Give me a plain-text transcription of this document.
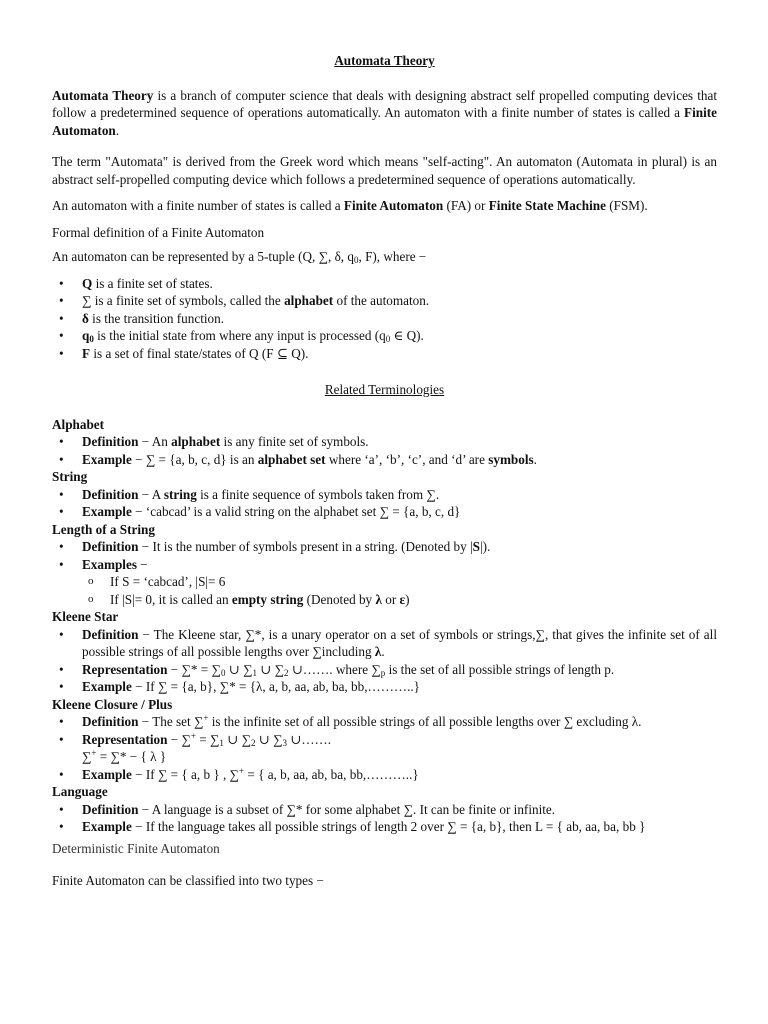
Automata Theory

Automata Theory is a branch of computer science that deals with designing abstract self propelled computing devices that follow a predetermined sequence of operations automatically. An automaton with a finite number of states is called a Finite Automaton.

The term "Automata" is derived from the Greek word which means "self-acting". An automaton (Automata in plural) is an abstract self-propelled computing device which follows a predetermined sequence of operations automatically.

An automaton with a finite number of states is called a Finite Automaton (FA) or Finite State Machine (FSM).

Formal definition of a Finite Automaton

An automaton can be represented by a 5-tuple (Q, ∑, δ, $q_0$, F), where −

• Q is a finite set of states.
• ∑ is a finite set of symbols, called the alphabet of the automaton.
• δ is the transition function.
• $q_0$ is the initial state from where any input is processed ($q_0$ ∈ Q).
• F is a set of final state/states of Q (F ⊆ Q).

Related Terminologies

Alphabet

• Definition − An alphabet is any finite set of symbols.
• Example − ∑ = {a, b, c, d} is an alphabet set where ‘a’, ‘b’, ‘c’, and ‘d’ are symbols.

String

• Definition − A string is a finite sequence of symbols taken from ∑.
• Example − ‘cabcad’ is a valid string on the alphabet set ∑ = {a, b, c, d}

Length of a String

• Definition − It is the number of symbols present in a string. (Denoted by |S|).
• Examples −
o If S = ‘cabcad’, |S|= 6
o If |S|= 0, it is called an empty string (Denoted by λ or ε)

Kleene Star

• Definition − The Kleene star, ∑*, is a unary operator on a set of symbols or strings,∑, that gives the infinite set of all possible strings of all possible lengths over ∑including λ.
• Representation − ∑* = $\sum_0$ ∪ $\sum_1$ ∪ $\sum_2$ ∪……. where $\sum_p$ is the set of all possible strings of length p.
• Example − If ∑ = {a, b}, ∑* = {λ, a, b, aa, ab, ba, bb,………..}

Kleene Closure / Plus

• Definition − The set ∑+ is the infinite set of all possible strings of all possible lengths over ∑ excluding λ.
• Representation − $\sum^+ = \sum_1$ ∪ $\sum_2$ ∪ $\sum_3$ ∪…….
∑+ = ∑* − { λ }
• Example − If ∑ = { a, b } , ∑+ = { a, b, aa, ab, ba, bb,………..}

Language

• Definition − A language is a subset of ∑* for some alphabet ∑. It can be finite or infinite.
• Example − If the language takes all possible strings of length 2 over ∑ = {a, b}, then L = { ab, aa, ba, bb }

Deterministic Finite Automaton

Finite Automaton can be classified into two types −
